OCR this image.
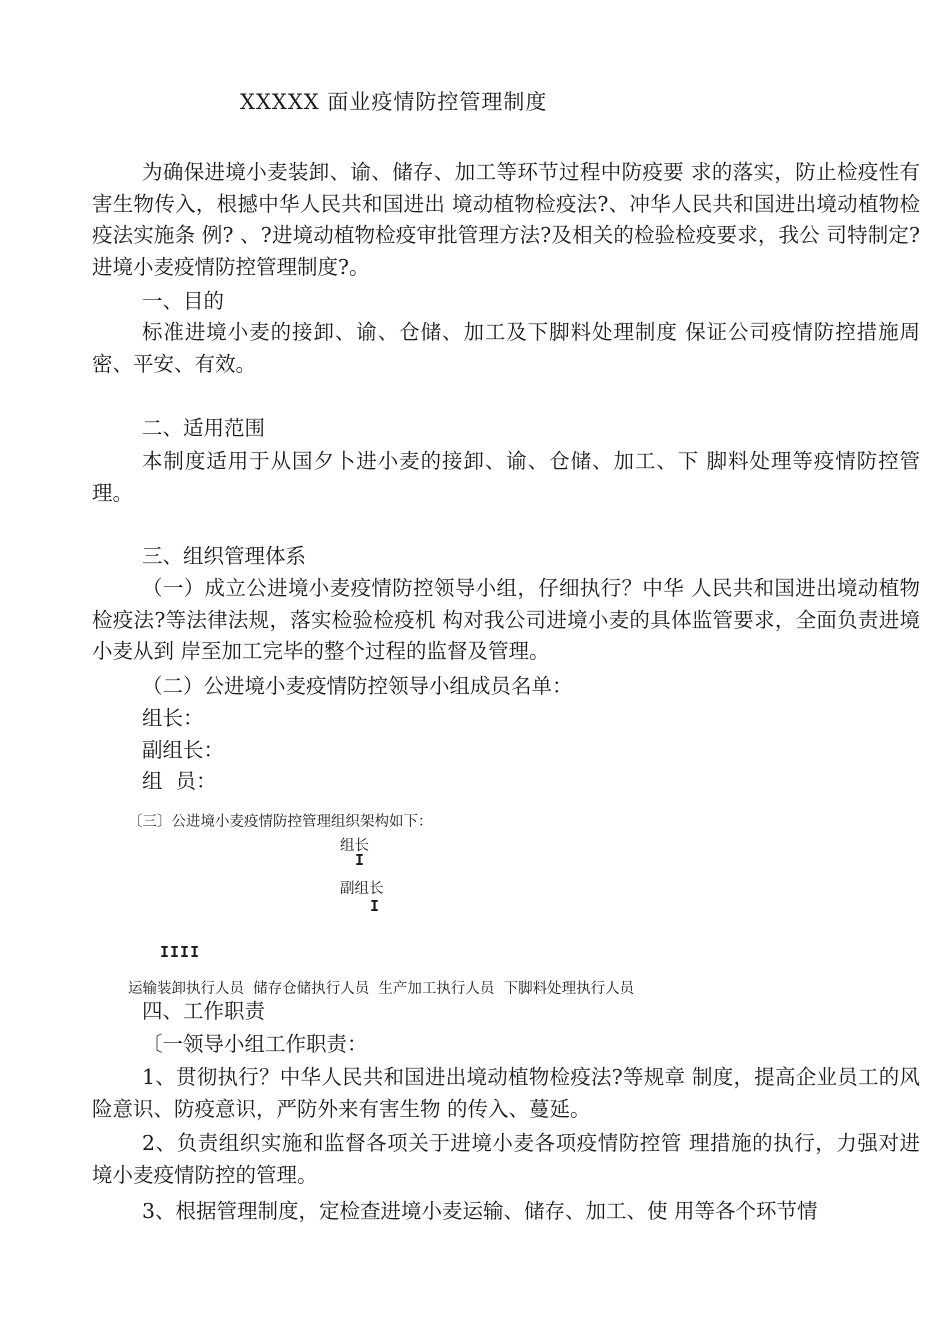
XXXXX 面业疫情防控管理制度

为确保进境小麦装卸、谕、储存、加工等环节过程中防疫要 求的落实，防止检疫性有害生物传入，根撼中华人民共和国进出 境动植物检疫法?、冲华人民共和国进出境动植物检疫法实施条 例? 、?进境动植物检疫审批管理方法?及相关的检验检疫要求，我公 司特制定?进境小麦疫情防控管理制度?。

一、目的

标准进境小麦的接卸、谕、仓储、加工及下脚料处理制度 保证公司疫情防控措施周密、平安、有效。

二、适用范围

本制度适用于从国夕卜进小麦的接卸、谕、仓储、加工、下 脚料处理等疫情防控管理。

三、组织管理体系

（一）成立公进境小麦疫情防控领导小组，仔细执行？中华 人民共和国进出境动植物检疫法?等法律法规，落实检验检疫机 构对我公司进境小麦的具体监管要求，全面负责进境小麦从到 岸至加工完毕的整个过程的监督及管理。

（二）公进境小麦疫情防控领导小组成员名单：
组长：
副组长：
组  员：
〔三〕公进境小麦疫情防控管理组织架构如下：
组长
I
副组长
I
IIII
运输装卸执行人员  储存仓储执行人员  生产加工执行人员  下脚料处理执行人员
四、工作职责
〔一领导小组工作职责：

1、贯彻执行？中华人民共和国进出境动植物检疫法?等规章 制度，提高企业员工的风险意识、防疫意识，严防外来有害生物 的传入、蔓延。

2、负责组织实施和监督各项关于进境小麦各项疫情防控管 理措施的执行，力强对进境小麦疫情防控的管理。

3、根据管理制度，定检查进境小麦运输、储存、加工、使 用等各个环节情
